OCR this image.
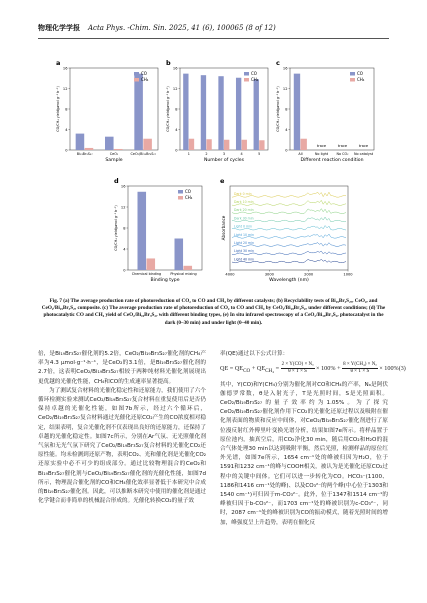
物理化学学报 Acta Phys. -Chim. Sin. 2025, 41 (6), 100065 (8 of 12)
a
0
4
8
12
16
Bi₂₃Br₃S₃₇	CeO₂	CeO₂/Bi₁₉Br₃S₂₇
Sample
CO/CH₄ yield(μmol g⁻¹ h⁻¹)
CO
CH₄
b
0
4
8
12
16
1	2	3	4	5
Number of cycles
CO/CH₄ yield(μmol g⁻¹ h⁻¹)
CO
CH₄
c
0
4
8
12
16
All	No light No CO₂ No catalyst
Different reaction condition
CO/CH₄ yield(μmol g⁻¹ h⁻¹)
CO
CH₄
trace	trace	trace
d
0
4
8
12
16
Chemical binding	Physical mixing
Binding type
CO/CH₄ yield(μmol g⁻¹ h⁻¹)
CO
CH₄
e
Light 40 min
Light 30 min
Light 20 min
Light 10 min
Light 0 min
Dark 30 min
Dark 20 min
Dark 10 min
Dark 0 min
4000	3000	2000	1000
Wavelength (nm)
Absorbance
Fig. 7 (a) The average production rate of photoreduction of CO₂ to CO and CH₄ by different catalysts; (b) Recyclability tests of Bi₁₉Br₃S₂₇, CeO₂, and CeO₂/Bi₁₉Br₃S₂₇ composite. (c) The average production rate of photoreduction of CO₂ to CO and CH₄ by CeO₂/Bi₁₉Br₃S₂₇ under different conditions; (d) The photocatalytic CO and CH₄ yield of CeO₂/Bi₁₉Br₃S₂₇ with different binding types, (e) In situ infrared spectroscopy of a CeO₂/Bi₁₉Br₃S₂₇ photocatalyst in the dark (0–30 min) and under light (0–40 min).

倍，是Bi₁₉Br₃S₂₇催化剂的5.2倍，CeO₂/Bi₁₉Br₃S₂₇催化剂的CH₄产率为4.3 μmol·g⁻¹·h⁻¹，是CeO₂的3.1倍，是Bi₁₉Br₃S₂₇催化剂的2.7倍，这表明CeO₂/Bi₁₉Br₃S₂₇相较于两种纯材料光催化剂展现出更优越的光催化性能，CH₄和CO的生成速率显著提高。

为了测试复合材料的光催化稳定性和还原能力，我们使用了六个循环检测实验来测试CeO₂/Bi₁₉Br₃S₂₇复合材料在重复使用后是否仍保持卓越的光催化性能，如图7b所示，经过六个循环后，CeO₂/Bi₁₉Br₃S₂₇复合材料通过光催化还原CO₂产生的CO浓度相对稳定，结果表明，复合光催化剂不仅表现出良好的还原能力，还保持了卓越的光催化稳定性。如图7c所示，分别在Ar气氛、无光照催化剂气氛和无光气氛下研究了CeO₂/Bi₁₉Br₃S₂₇复合材料的光催化CO₂还原性能。均未检测到还原产物，表明CO₂、光和催化剂是光催化CO₂还原实验中必不可少的组成部分。通过比较物理混合的CeO₂和Bi₁₉Br₃S₂₇催化剂与CeO₂/Bi₁₉Br₃S₂₇催化剂的光催化性能，如图7d所示，物理混合催化剂的CO和CH₄催化效率显著低于本研究中合成的Bi₁₉Br₃S₂₇催化剂。因此，可以推断本研究中使用的催化剂是通过化学键合而非简单的机械混合形成的。光催化转换CO₂的量子效

率(QE)通过以下公式计算：

QE = $QE_{CO} + QE_{CH_4} = \frac{\text{2 × Y(CO) × Nₐ}}{\theta \times T \times S} \times 100\% + \frac{\text{8 × Y(CH₄) × Nₐ}}{\theta \times T \times S} \times 100\%$ (3)

其中，Y(CO)和Y(CH₄)分别为催化剂对CO和CH₄的产率，Nₐ是阿伏伽德罗常数，θ是入射光子，T是光照时间，S是光照面积。CeO₂/Bi₁₉Br₃S₂₇的量子效率约为1.05%。为了探究CeO₂/Bi₁₉Br₃S₂₇催化剂作用下CO₂的光催化还原过程以及吸附在催化剂表面的物质和反应中间体，对CeO₂/Bi₁₉Br₃S₂₇催化剂进行了原位漫反射红外傅里叶变换光谱分析，结果如图7e所示。将样品置于原位池内，抽真空后，用CO₂净化30 min，随后用CO₂和H₂O的混合气体处理30 min以达到吸附平衡，然后光照，检测样品的原位红外光谱，如图7e所示，1654 cm⁻¹处的峰被归因为H₂O，位于1591和1232 cm⁻¹的峰与COOH相关，被认为是光催化还原CO₂过程中的关键中间体。它们可以进一步转化为CO。HCO₃⁻(1100、1186和1416 cm⁻¹处的峰)、以及CO₃²⁻的两个峰(中心位于1303和1540 cm⁻¹)可归因于m-CO₃²⁻。此外，位于1347和1514 cm⁻¹的峰被归因于b-CO₃²⁻，而1703 cm⁻¹处的峰被识别为c-CO₃²⁻，同时，2087 cm⁻¹处的峰被识别为CO的振动模式，随着光照时间的增加，峰强度呈上升趋势，表明在催化反
